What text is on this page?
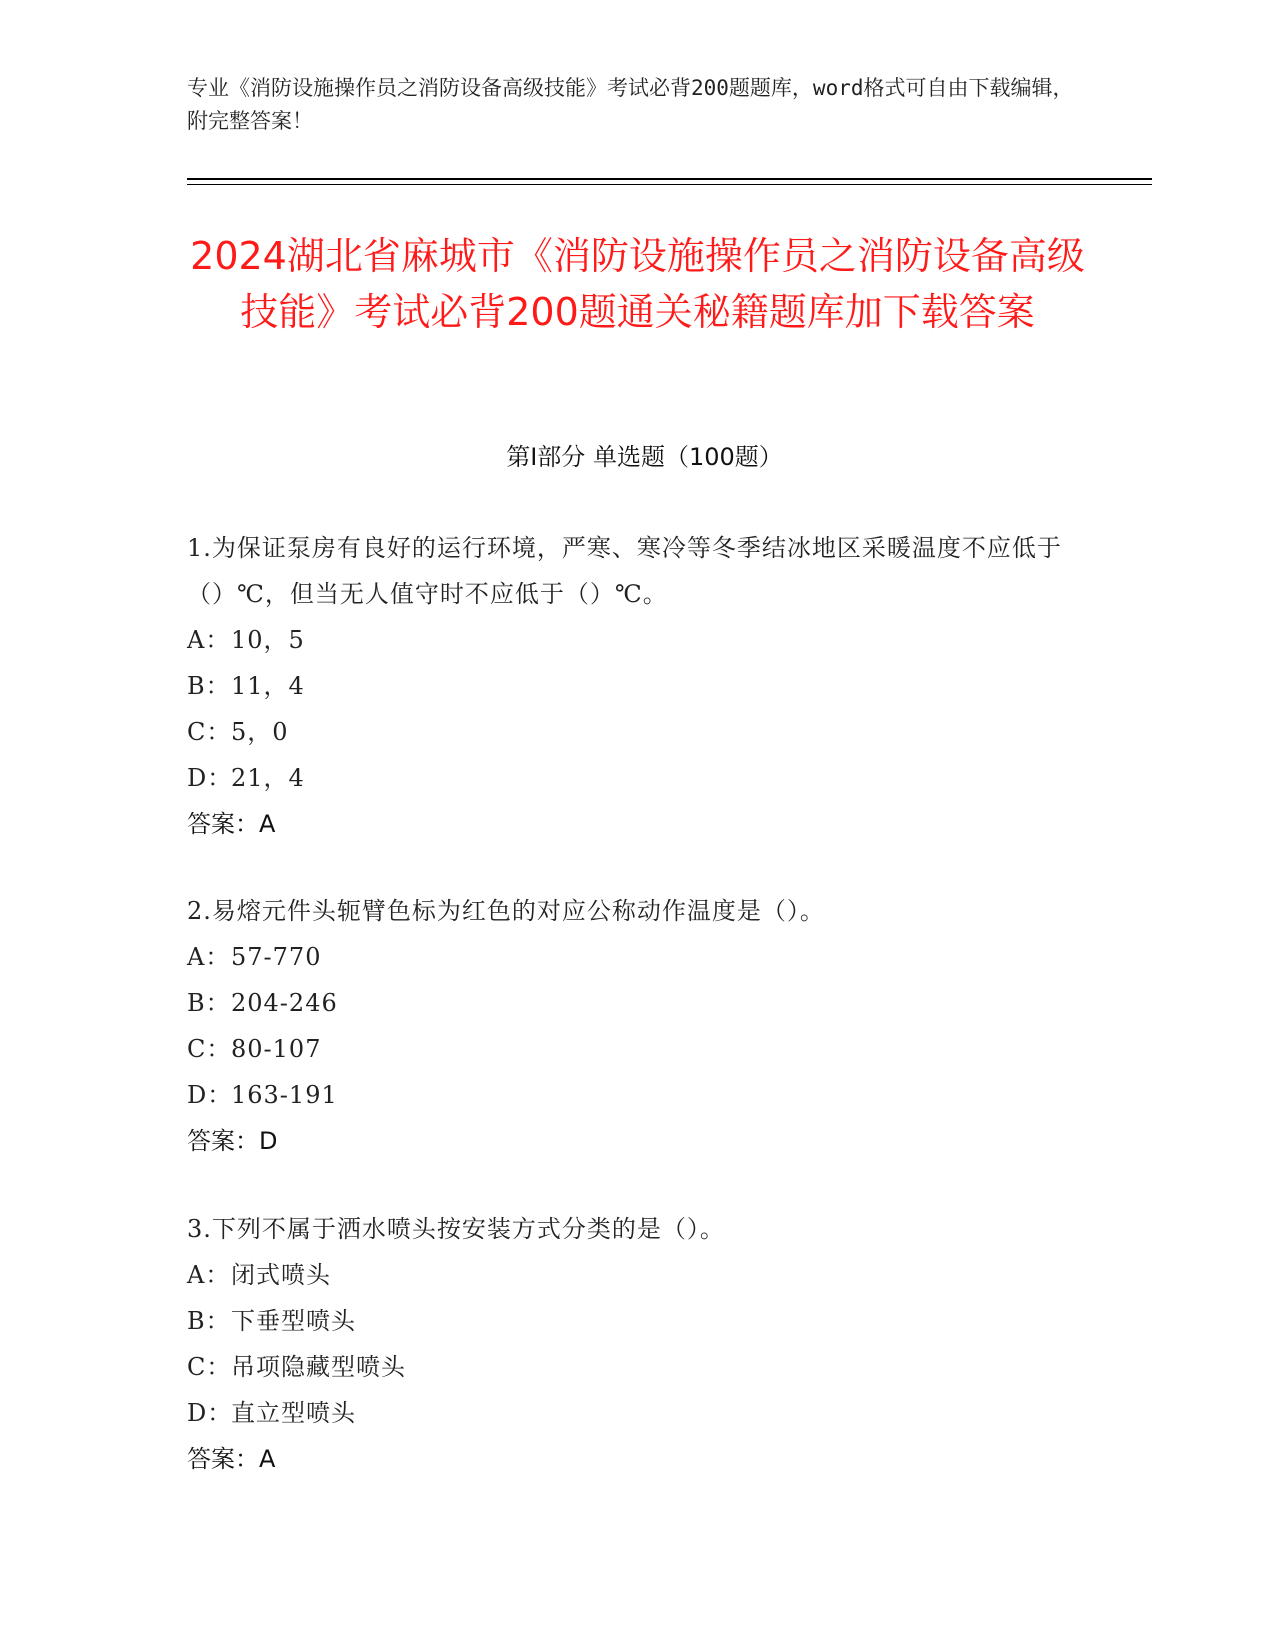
专业《消防设施操作员之消防设备高级技能》考试必背200题题库，word格式可自由下载编辑，附完整答案！
2024湖北省麻城市《消防设施操作员之消防设备高级技能》考试必背200题通关秘籍题库加下载答案
第Ⅰ部分 单选题（100题）
1.为保证泵房有良好的运行环境，严寒、寒冷等冬季结冰地区采暖温度不应低于（）℃，但当无人值守时不应低于（）℃。
A： 10，5
B： 11，4
C： 5，0
D：
21，4
答案：A
2.易熔元件头轭臂色标为红色的对应公称动作温度是（）。
A： 57-770
B： 204-246
C： 80-107
D：
163-191
答案：D
3.下列不属于洒水喷头按安装方式分类的是（）。
A： 闭式喷头
B： 下垂型喷头
C： 吊项隐藏型喷头
D：
直立型喷头
答案：A
